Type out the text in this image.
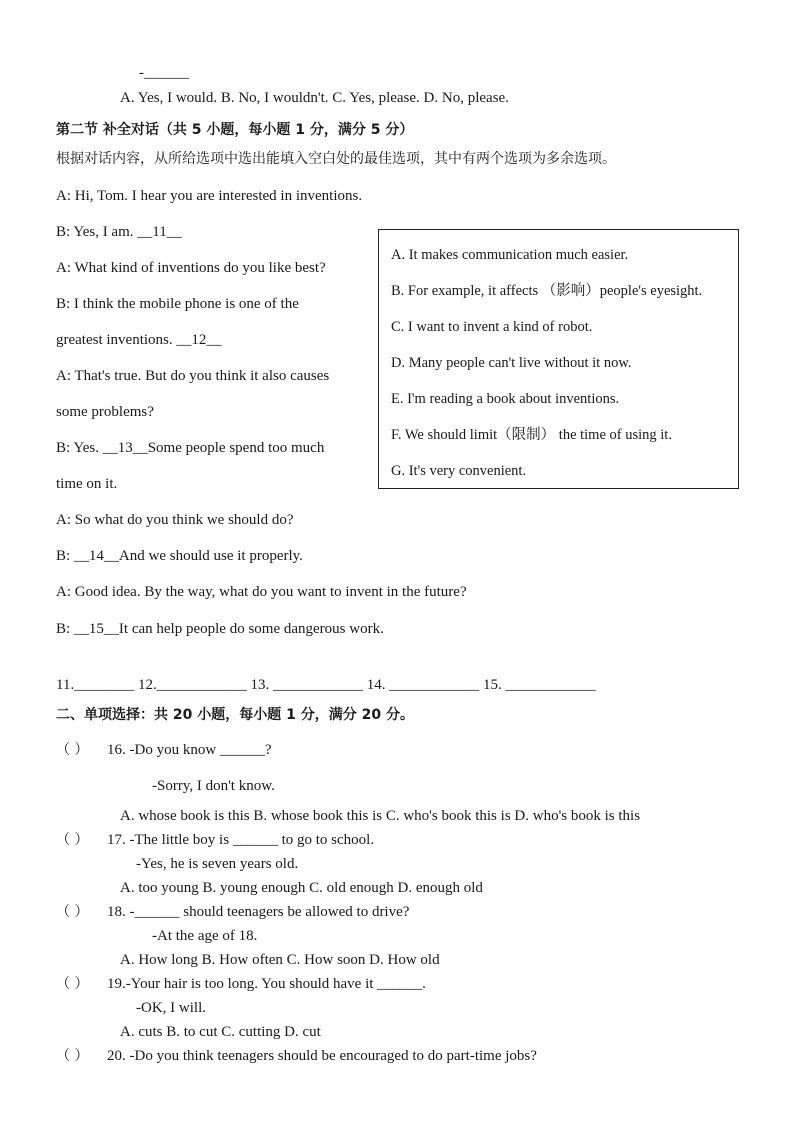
-______
A. Yes, I would. B. No, I wouldn't. C. Yes, please. D. No, please.
第二节 补全对话（共 5 小题，每小题 1 分，满分 5 分）
根据对话内容，从所给选项中选出能填入空白处的最佳选项，其中有两个选项为多余选项。
A: Hi, Tom. I hear you are interested in inventions.
B: Yes, I am. __11__
A: What kind of inventions do you like best?
B: I think the mobile phone is one of the
greatest inventions. __12__
A: That's true. But do you think it also causes
some problems?
B: Yes. __13__Some people spend too much
time on it.
A: So what do you think we should do?
B: __14__And we should use it properly.
A: Good idea. By the way, what do you want to invent in the future?
B: __15__It can help people do some dangerous work.
A. It makes communication much easier.
B. For example, it affects （影响）people's eyesight.
C. I want to invent a kind of robot.
D. Many people can't live without it now.
E. I'm reading a book about inventions.
F. We should limit（限制） the time of using it.
G. It's very convenient.
11.________ 12.____________ 13. ____________ 14. ____________ 15. ____________
二、单项选择：共 20 小题，每小题 1 分，满分 20 分。
（ ） 16. -Do you know ______?
-Sorry, I don't know.
A. whose book is this B. whose book this is C. who's book this is D. who's book is this
（ ） 17. -The little boy is ______ to go to school.
-Yes, he is seven years old.
A. too young B. young enough C. old enough D. enough old
（ ） 18. -______ should teenagers be allowed to drive?
-At the age of 18.
A. How long B. How often C. How soon D. How old
（ ） 19.-Your hair is too long. You should have it ______.
-OK, I will.
A. cuts B. to cut C. cutting D. cut
（ ） 20. -Do you think teenagers should be encouraged to do part-time jobs?
